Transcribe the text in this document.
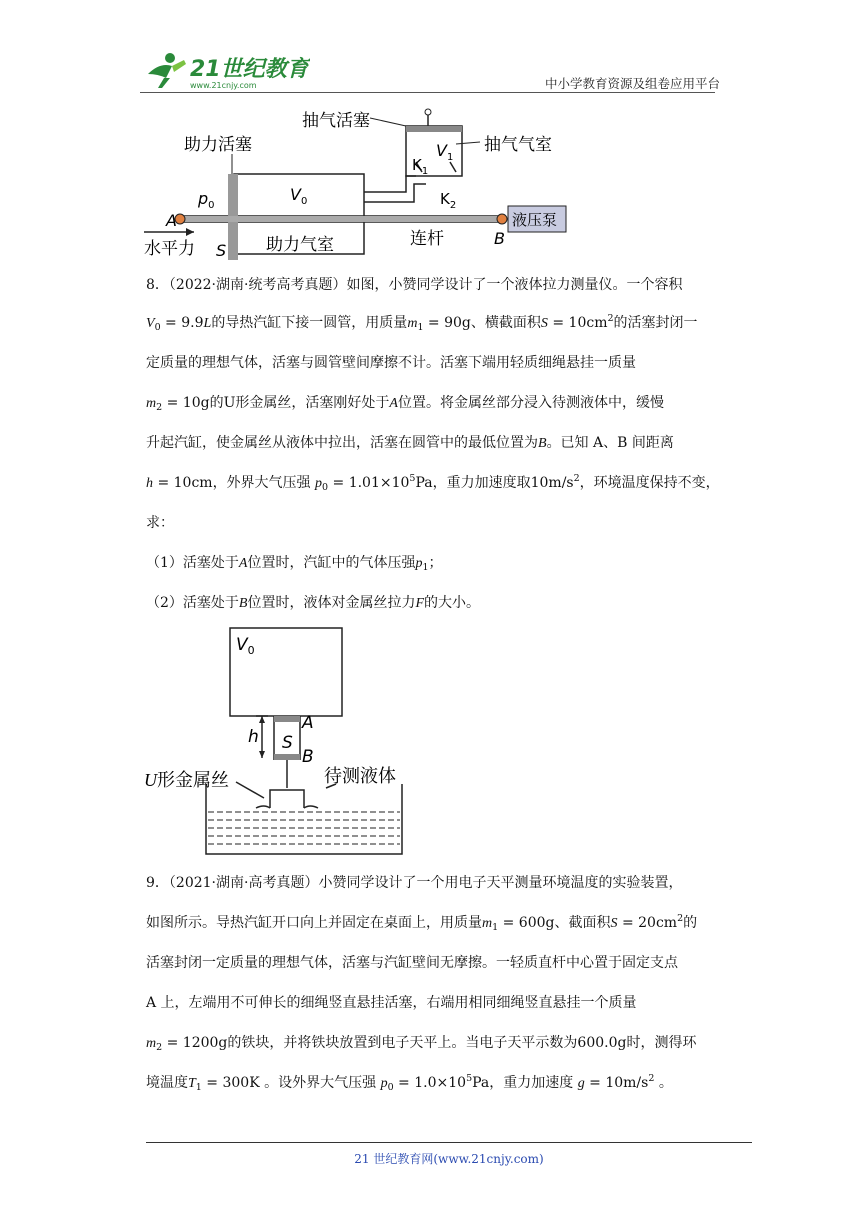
21世纪教育
www.21cnjy.com	中小学教育资源及组卷应用平台
抽气活塞
助力活塞	抽气气室
助力气室	连杆
液压泵
水平力
$V_1$
$V_0$
$p_0$
A
B
S
$K_1$
$K_2$
8．（2022·湖南·统考高考真题）如图，小赞同学设计了一个液体拉力测量仪。一个容积
$V_0 = 9.9L$的导热汽缸下接一圆管，用质量$m_1 = 90g$、横截面积$S = 10cm^2$的活塞封闭一
定质量的理想气体，活塞与圆管壁间摩擦不计。活塞下端用轻质细绳悬挂一质量
$m_2 = 10g$的U形金属丝，活塞刚好处于A位置。将金属丝部分浸入待测液体中，缓慢
升起汽缸，使金属丝从液体中拉出，活塞在圆管中的最低位置为B。已知 A、B 间距离
h = 10cm，外界大气压强 $p_0 = 1.01\times 10^5Pa$，重力加速度取$10m/s^2$，环境温度保持不变，
求：
（1）活塞处于A位置时，汽缸中的气体压强$p_1$；
（2）活塞处于B位置时，液体对金属丝拉力F的大小。
$V_0$
h S
A
B
U形金属丝	待测液体
9．（2021·湖南·高考真题）小赞同学设计了一个用电子天平测量环境温度的实验装置，
如图所示。导热汽缸开口向上并固定在桌面上，用质量$m_1 = 600g$、截面积$S = 20cm^2$的
活塞封闭一定质量的理想气体，活塞与汽缸壁间无摩擦。一轻质直杆中心置于固定支点
A 上，左端用不可伸长的细绳竖直悬挂活塞，右端用相同细绳竖直悬挂一个质量
$m_2 = 1200g$的铁块，并将铁块放置到电子天平上。当电子天平示数为600.0g时，测得环
境温度$T_1 = 300K$ 。设外界大气压强 $p_0 = 1.0\times 10^5Pa$，重力加速度 $g = 10m/s^2$ 。
21 世纪教育网(www.21cnjy.com)
